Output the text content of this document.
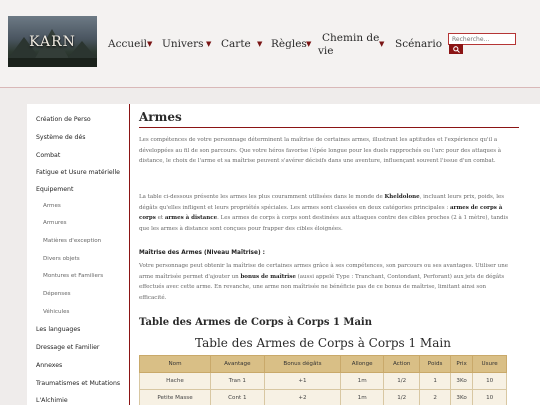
KARN	Accueil ▼ Univers ▼ Carte ▼ Règles ▼ Chemin de
vie
▼ Scénario
Recherche...
Création de Perso
Système de dés
Combat
Fatigue et Usure matérielle
Equipement
Armes
Armures
Matières d'exception
Divers objets
Montures et Familiers
Dépenses
Véhicules
Les languages
Dressage et Familier
Annexes
Traumatismes et Mutations
L'Alchimie
Armes

Les compétences de votre personnage déterminent la maîtrise de certaines armes, illustrant les aptitudes et l'expérience qu'il a développées au fil de son parcours. Que votre héros favorise l'épée longue pour les duels rapprochés ou l'arc pour des attaques à distance, le choix de l'arme et sa maîtrise peuvent s'avérer décisifs dans une aventure, influençant souvent l'issue d'un combat.

La table ci-dessous présente les armes les plus couramment utilisées dans le monde de Kheldolone, incluant leurs prix, poids, les dégâts qu'elles infligent et leurs propriétés spéciales. Les armes sont classées en deux catégories principales : armes de corps à corps et armes à distance. Les armes de corps à corps sont destinées aux attaques contre des cibles proches (2 à 1 mètre), tandis que les armes à distance sont conçues pour frapper des cibles éloignées.

Maîtrise des Armes (Niveau Maîtrise) :

Votre personnage peut obtenir la maîtrise de certaines armes grâce à ses compétences, son parcours ou ses avantages. Utiliser une arme maîtrisée permet d'ajouter un bonus de maîtrise (aussi appelé Type : Tranchant, Contondant, Perforant) aux jets de dégâts effectués avec cette arme. En revanche, une arme non maîtrisée ne bénéficie pas de ce bonus de maîtrise, limitant ainsi son efficacité.

Table des Armes de Corps à Corps 1 Main
Table des Armes de Corps à Corps 1 Main
Nom	Avantage	Bonus dégâts	Allonge	Action	Poids	Prix	Usure
Hache	Tran 1	+1	1m	1/2	1	3Ko	10
Petite Masse	Cont 1	+2	1m	1/2	2	3Ko	10
